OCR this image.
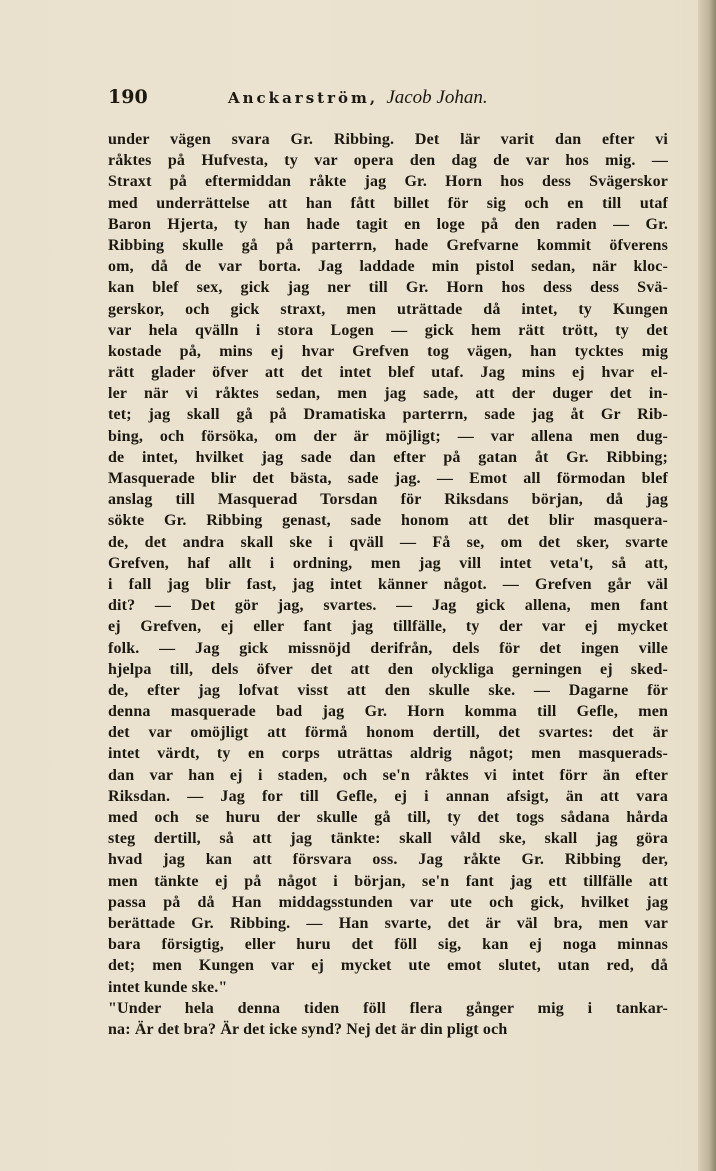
190	Anckarström, Jacob Johan.
under vägen svara Gr. Ribbing. Det lär varit dan efter vi
råktes på Hufvesta, ty var opera den dag de var hos mig. —
Straxt på eftermiddan råkte jag Gr. Horn hos dess Svägerskor
med underrättelse att han fått billet för sig och en till utaf
Baron Hjerta, ty han hade tagit en loge på den raden — Gr.
Ribbing skulle gå på parterrn, hade Grefvarne kommit öfverens
om, då de var borta. Jag laddade min pistol sedan, när kloc-
kan blef sex, gick jag ner till Gr. Horn hos dess dess Svä-
gerskor, och gick straxt, men uträttade då intet, ty Kungen
var hela qvälln i stora Logen — gick hem rätt trött, ty det
kostade på, mins ej hvar Grefven tog vägen, han tycktes mig
rätt glader öfver att det intet blef utaf. Jag mins ej hvar el-
ler när vi råktes sedan, men jag sade, att der duger det in-
tet; jag skall gå på Dramatiska parterrn, sade jag åt Gr Rib-
bing, och försöka, om der är möjligt; — var allena men dug-
de intet, hvilket jag sade dan efter på gatan åt Gr. Ribbing;
Masquerade blir det bästa, sade jag. — Emot all förmodan blef
anslag till Masquerad Torsdan för Riksdans början, då jag
sökte Gr. Ribbing genast, sade honom att det blir masquera-
de, det andra skall ske i qväll — Få se, om det sker, svarte
Grefven, haf allt i ordning, men jag vill intet veta't, så att,
i fall jag blir fast, jag intet känner något. — Grefven går väl
dit? — Det gör jag, svartes. — Jag gick allena, men fant
ej Grefven, ej eller fant jag tillfälle, ty der var ej mycket
folk. — Jag gick missnöjd derifrån, dels för det ingen ville
hjelpa till, dels öfver det att den olyckliga gerningen ej sked-
de, efter jag lofvat visst att den skulle ske. — Dagarne för
denna masquerade bad jag Gr. Horn komma till Gefle, men
det var omöjligt att förmå honom dertill, det svartes: det är
intet värdt, ty en corps uträttas aldrig något; men masquerads-
dan var han ej i staden, och se'n råktes vi intet förr än efter
Riksdan. — Jag for till Gefle, ej i annan afsigt, än att vara
med och se huru der skulle gå till, ty det togs sådana hårda
steg dertill, så att jag tänkte: skall våld ske, skall jag göra
hvad jag kan att försvara oss. Jag råkte Gr. Ribbing der,
men tänkte ej på något i början, se'n fant jag ett tillfälle att
passa på då Han middagsstunden var ute och gick, hvilket jag
berättade Gr. Ribbing. — Han svarte, det är väl bra, men var
bara försigtig, eller huru det föll sig, kan ej noga minnas
det; men Kungen var ej mycket ute emot slutet, utan red, då
intet kunde ske."
"Under hela denna tiden föll flera gånger mig i tankar-
na: Är det bra? Är det icke synd? Nej det är din pligt och
